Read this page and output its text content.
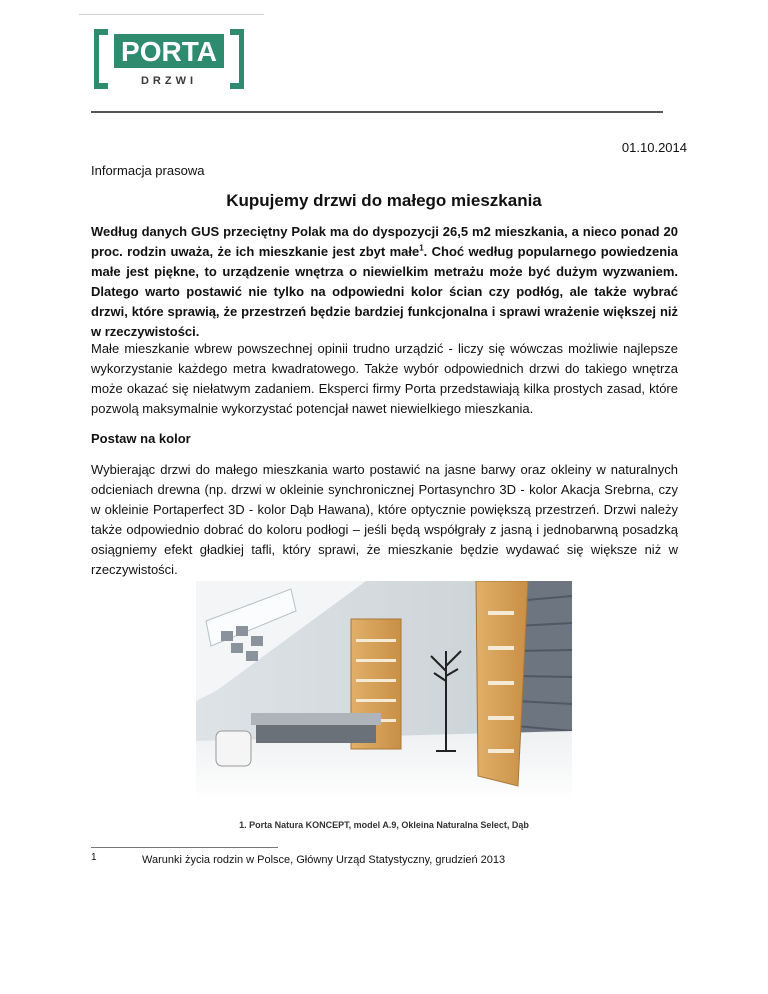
PORTA
DRZWI
01.10.2014
Informacja prasowa
Kupujemy drzwi do małego mieszkania

Według danych GUS przeciętny Polak ma do dyspozycji 26,5 m2 mieszkania, a nieco ponad 20 proc. rodzin uważa, że ich mieszkanie jest zbyt małe$^1$. Choć według popularnego powiedzenia małe jest piękne, to urządzenie wnętrza o niewielkim metrażu może być dużym wyzwaniem. Dlatego warto postawić nie tylko na odpowiedni kolor ścian czy podłóg, ale także wybrać drzwi, które sprawią, że przestrzeń będzie bardziej funkcjonalna i sprawi wrażenie większej niż w rzeczywistości.

Małe mieszkanie wbrew powszechnej opinii trudno urządzić - liczy się wówczas możliwie najlepsze wykorzystanie każdego metra kwadratowego. Także wybór odpowiednich drzwi do takiego wnętrza może okazać się niełatwym zadaniem. Eksperci firmy Porta przedstawiają kilka prostych zasad, które pozwolą maksymalnie wykorzystać potencjał nawet niewielkiego mieszkania.

Postaw na kolor

Wybierając drzwi do małego mieszkania warto postawić na jasne barwy oraz okleiny w naturalnych odcieniach drewna (np. drzwi w okleinie synchronicznej Portasynchro 3D - kolor Akacja Srebrna, czy w okleinie Portaperfect 3D - kolor Dąb Hawana), które optycznie powiększą przestrzeń. Drzwi należy także odpowiednio dobrać do koloru podłogi – jeśli będą współgrały z jasną i jednobarwną posadzką osiągniemy efekt gładkiej tafli, który sprawi, że mieszkanie będzie wydawać się większe niż w rzeczywistości.

1. Porta Natura KONCEPT, model A.9, Okleina Naturalna Select, Dąb
1	Warunki życia rodzin w Polsce, Główny Urząd Statystyczny, grudzień 2013
